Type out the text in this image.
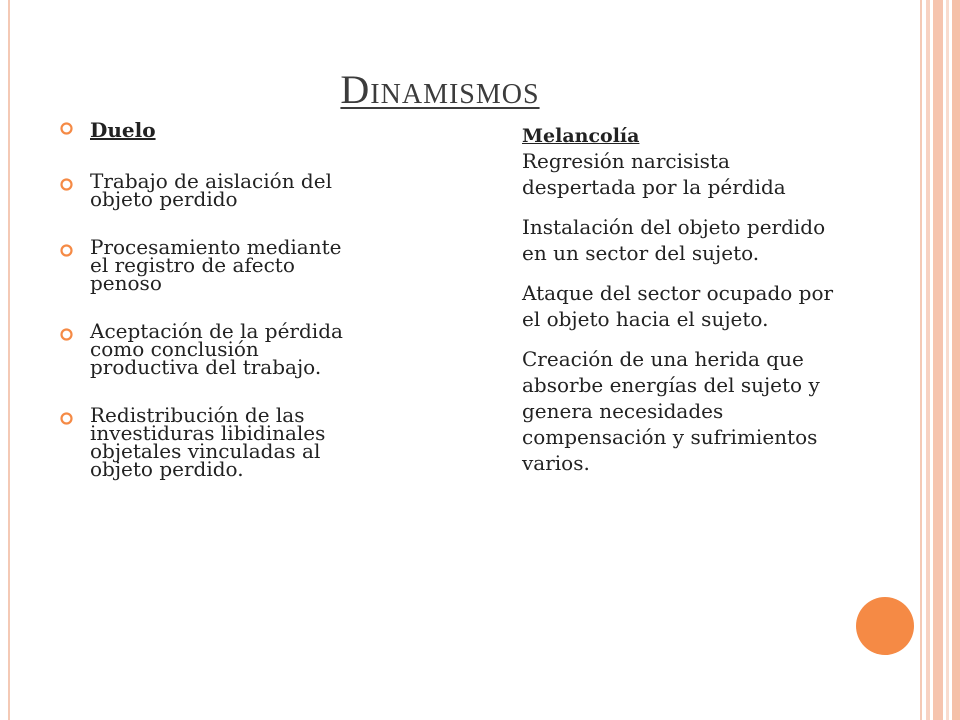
Dinamismos
Duelo
Trabajo de aislación del objeto perdido
Procesamiento mediante el registro de afecto penoso
Aceptación de la pérdida como conclusión productiva del trabajo.
Redistribución de las investiduras libidinales objetales vinculadas al objeto perdido.
Melancolía

Regresión narcisista despertada por la pérdida

Instalación del objeto perdido en un sector del sujeto.

Ataque del sector ocupado por el objeto hacia el sujeto.

Creación de una herida que absorbe energías del sujeto y genera necesidades compensación y sufrimientos varios.
